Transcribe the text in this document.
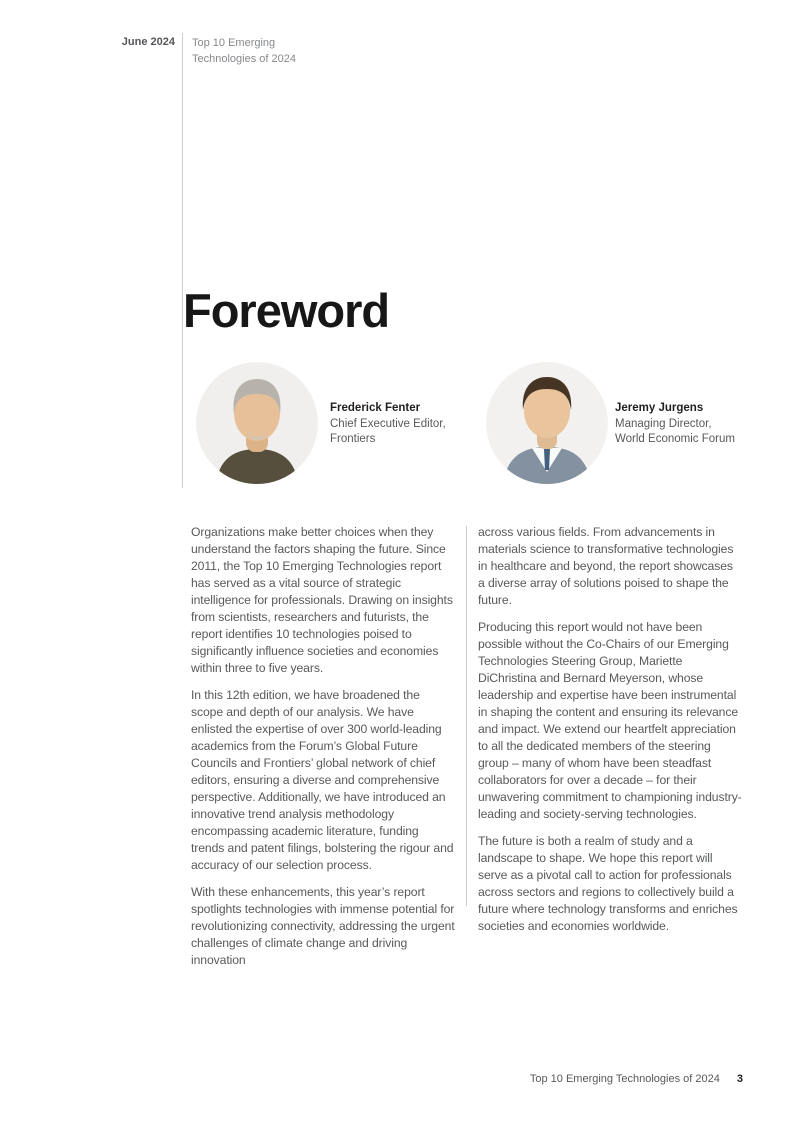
June 2024 Top 10 Emerging
Technologies of 2024
Foreword
Frederick Fenter
Chief Executive Editor,
Frontiers
Jeremy Jurgens
Managing Director,
World Economic Forum

Organizations make better choices when they understand the factors shaping the future. Since 2011, the Top 10 Emerging Technologies report has served as a vital source of strategic intelligence for professionals. Drawing on insights from scientists, researchers and futurists, the report identifies 10 technologies poised to significantly influence societies and economies within three to five years.

In this 12th edition, we have broadened the scope and depth of our analysis. We have enlisted the expertise of over 300 world-leading academics from the Forum’s Global Future Councils and Frontiers’ global network of chief editors, ensuring a diverse and comprehensive perspective. Additionally, we have introduced an innovative trend analysis methodology encompassing academic literature, funding trends and patent filings, bolstering the rigour and accuracy of our selection process.

With these enhancements, this year’s report spotlights technologies with immense potential for revolutionizing connectivity, addressing the urgent challenges of climate change and driving innovation

across various fields. From advancements in materials science to transformative technologies in healthcare and beyond, the report showcases a diverse array of solutions poised to shape the future.

Producing this report would not have been possible without the Co-Chairs of our Emerging Technologies Steering Group, Mariette DiChristina and Bernard Meyerson, whose leadership and expertise have been instrumental in shaping the content and ensuring its relevance and impact. We extend our heartfelt appreciation to all the dedicated members of the steering group – many of whom have been steadfast collaborators for over a decade – for their unwavering commitment to championing industry-leading and society-serving technologies.

The future is both a realm of study and a landscape to shape. We hope this report will serve as a pivotal call to action for professionals across sectors and regions to collectively build a future where technology transforms and enriches societies and economies worldwide.

Top 10 Emerging Technologies of 2024 3
